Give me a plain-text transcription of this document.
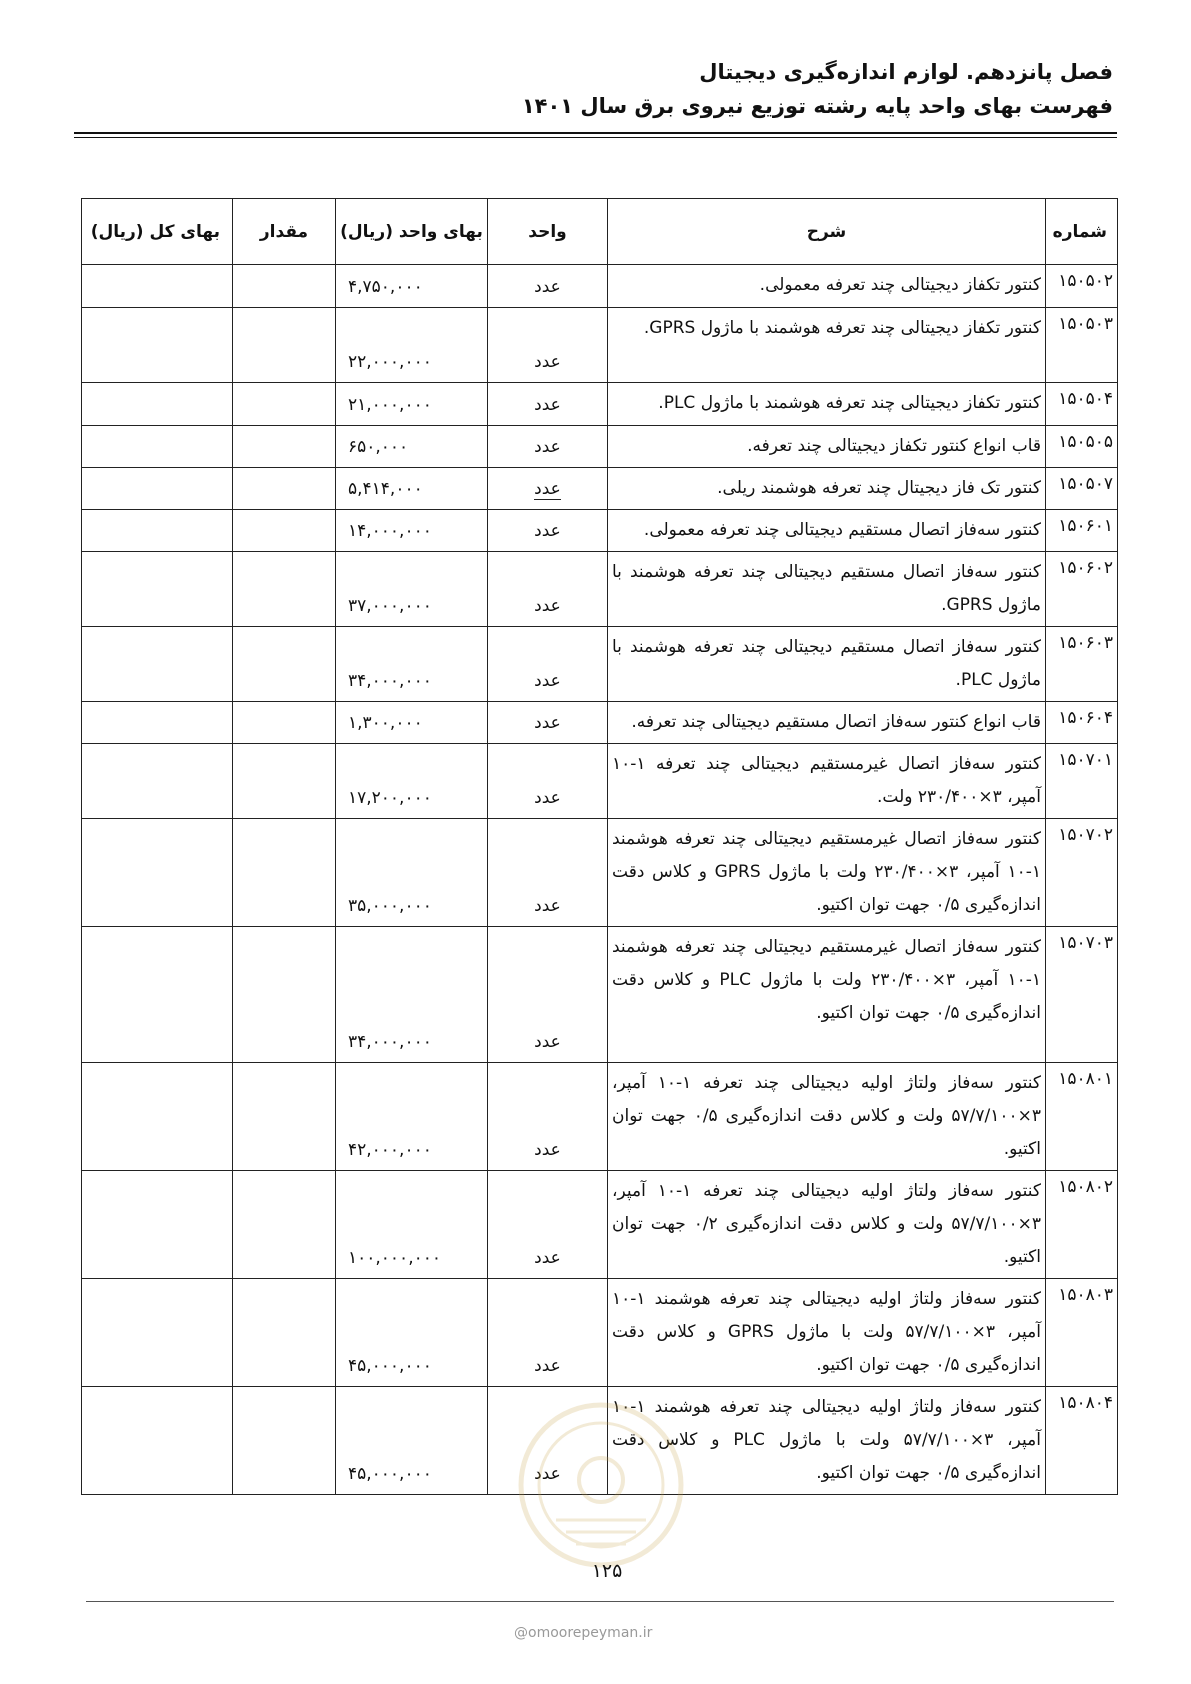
فصل پانزدهم. لوازم اندازه‌گیری دیجیتال
فهرست بهای واحد پایه رشته توزیع نیروی برق سال ۱۴۰۱
شماره	شرح	واحد	بهای واحد (ریال)	مقدار	بهای کل (ریال)
۱۵۰۵۰۲	کنتور تکفاز دیجیتالی چند تعرفه معمولی.	عدد	۴,۷۵۰,۰۰۰		
۱۵۰۵۰۳	کنتور تکفاز دیجیتالی چند تعرفه هوشمند با ماژول GPRS.	عدد	۲۲,۰۰۰,۰۰۰		
۱۵۰۵۰۴	کنتور تکفاز دیجیتالی چند تعرفه هوشمند با ماژول PLC.	عدد	۲۱,۰۰۰,۰۰۰		
۱۵۰۵۰۵	قاب انواع کنتور تکفاز دیجیتالی چند تعرفه.	عدد	۶۵۰,۰۰۰		
۱۵۰۵۰۷	کنتور تک فاز دیجیتال چند تعرفه هوشمند ریلی.	عدد	۵,۴۱۴,۰۰۰		
۱۵۰۶۰۱	کنتور سه‌فاز اتصال مستقیم دیجیتالی چند تعرفه معمولی.	عدد	۱۴,۰۰۰,۰۰۰		
۱۵۰۶۰۲	کنتور سه‌فاز اتصال مستقیم دیجیتالی چند تعرفه هوشمند با ماژول GPRS.	عدد	۳۷,۰۰۰,۰۰۰		
۱۵۰۶۰۳	کنتور سه‌فاز اتصال مستقیم دیجیتالی چند تعرفه هوشمند با ماژول PLC.	عدد	۳۴,۰۰۰,۰۰۰		
۱۵۰۶۰۴	قاب انواع کنتور سه‌فاز اتصال مستقیم دیجیتالی چند تعرفه.	عدد	۱,۳۰۰,۰۰۰		
۱۵۰۷۰۱	کنتور سه‌فاز اتصال غیرمستقیم دیجیتالی چند تعرفه ۱-۱۰ آمپر، ۳×۲۳۰/۴۰۰ ولت.	عدد	۱۷,۲۰۰,۰۰۰		
۱۵۰۷۰۲	کنتور سه‌فاز اتصال غیرمستقیم دیجیتالی چند تعرفه هوشمند ۱-۱۰ آمپر، ۳×۲۳۰/۴۰۰ ولت با ماژول GPRS و کلاس دقت اندازه‌گیری ۰/۵ جهت توان اکتیو.	عدد	۳۵,۰۰۰,۰۰۰		
۱۵۰۷۰۳	کنتور سه‌فاز اتصال غیرمستقیم دیجیتالی چند تعرفه هوشمند ۱-۱۰ آمپر، ۳×۲۳۰/۴۰۰ ولت با ماژول PLC و کلاس دقت اندازه‌گیری ۰/۵ جهت توان اکتیو.	عدد	۳۴,۰۰۰,۰۰۰		
۱۵۰۸۰۱	کنتور سه‌فاز ولتاژ اولیه دیجیتالی چند تعرفه ۱-۱۰ آمپر، ۳×۵۷/۷/۱۰۰ ولت و کلاس دقت اندازه‌گیری ۰/۵ جهت توان اکتیو.	عدد	۴۲,۰۰۰,۰۰۰		
۱۵۰۸۰۲	کنتور سه‌فاز ولتاژ اولیه دیجیتالی چند تعرفه ۱-۱۰ آمپر، ۳×۵۷/۷/۱۰۰ ولت و کلاس دقت اندازه‌گیری ۰/۲ جهت توان اکتیو.	عدد	۱۰۰,۰۰۰,۰۰۰		
۱۵۰۸۰۳	کنتور سه‌فاز ولتاژ اولیه دیجیتالی چند تعرفه هوشمند ۱-۱۰ آمپر، ۳×۵۷/۷/۱۰۰ ولت با ماژول GPRS و کلاس دقت اندازه‌گیری ۰/۵ جهت توان اکتیو.	عدد	۴۵,۰۰۰,۰۰۰		
۱۵۰۸۰۴	کنتور سه‌فاز ولتاژ اولیه دیجیتالی چند تعرفه هوشمند ۱-۱۰ آمپر، ۳×۵۷/۷/۱۰۰ ولت با ماژول PLC و کلاس دقت اندازه‌گیری ۰/۵ جهت توان اکتیو.	عدد	۴۵,۰۰۰,۰۰۰		
۱۲۵
@omoorepeyman.ir
